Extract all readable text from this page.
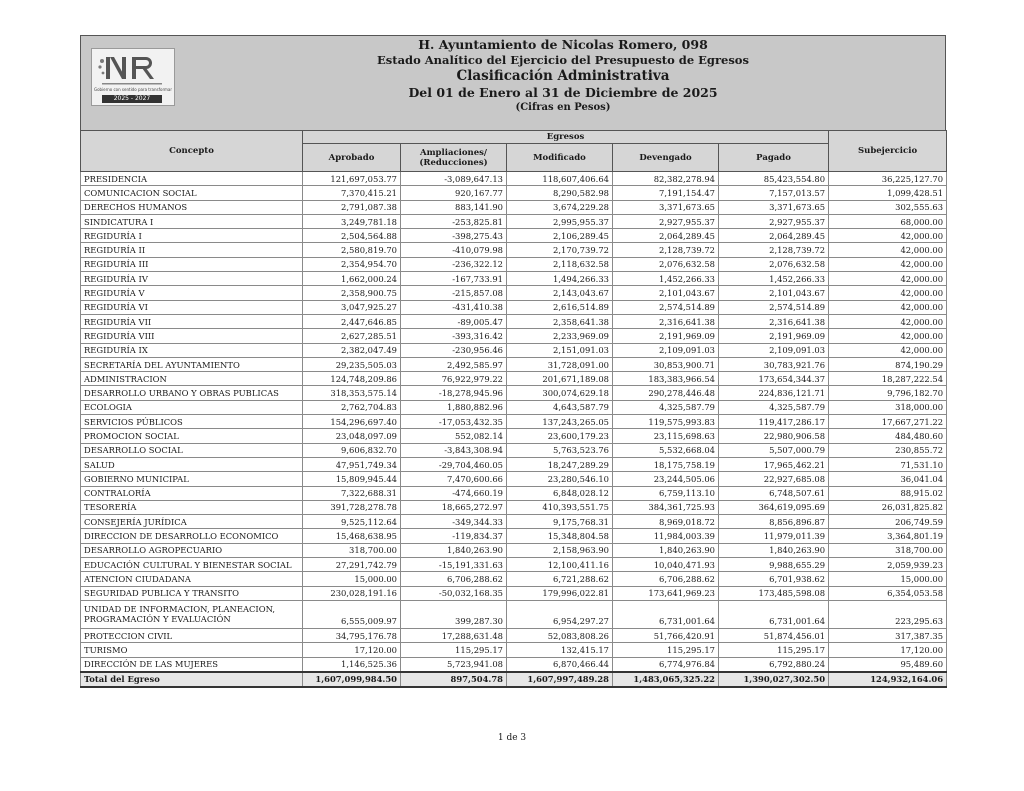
Gobierno con sentido para transformar
2025 - 2027
H. Ayuntamiento de Nicolas Romero, 098
Estado Analítico del Ejercicio del Presupuesto de Egresos
Clasificación Administrativa
Del 01 de Enero al 31 de Diciembre de 2025
(Cifras en Pesos)
Concepto	Egresos					Subejercicio
	Aprobado	Ampliaciones/ (Reducciones)	Modificado	Devengado	Pagado	
PRESIDENCIA	121,697,053.77	-3,089,647.13	118,607,406.64	82,382,278.94	85,423,554.80	36,225,127.70
COMUNICACION SOCIAL	7,370,415.21	920,167.77	8,290,582.98	7,191,154.47	7,157,013.57	1,099,428.51
DERECHOS HUMANOS	2,791,087.38	883,141.90	3,674,229.28	3,371,673.65	3,371,673.65	302,555.63
SINDICATURA I	3,249,781.18	-253,825.81	2,995,955.37	2,927,955.37	2,927,955.37	68,000.00
REGIDURÍA I	2,504,564.88	-398,275.43	2,106,289.45	2,064,289.45	2,064,289.45	42,000.00
REGIDURÍA II	2,580,819.70	-410,079.98	2,170,739.72	2,128,739.72	2,128,739.72	42,000.00
REGIDURÍA III	2,354,954.70	-236,322.12	2,118,632.58	2,076,632.58	2,076,632.58	42,000.00
REGIDURÍA IV	1,662,000.24	-167,733.91	1,494,266.33	1,452,266.33	1,452,266.33	42,000.00
REGIDURÍA V	2,358,900.75	-215,857.08	2,143,043.67	2,101,043.67	2,101,043.67	42,000.00
REGIDURÍA VI	3,047,925.27	-431,410.38	2,616,514.89	2,574,514.89	2,574,514.89	42,000.00
REGIDURÍA VII	2,447,646.85	-89,005.47	2,358,641.38	2,316,641.38	2,316,641.38	42,000.00
REGIDURÍA VIII	2,627,285.51	-393,316.42	2,233,969.09	2,191,969.09	2,191,969.09	42,000.00
REGIDURÍA IX	2,382,047.49	-230,956.46	2,151,091.03	2,109,091.03	2,109,091.03	42,000.00
SECRETARÍA DEL AYUNTAMIENTO	29,235,505.03	2,492,585.97	31,728,091.00	30,853,900.71	30,783,921.76	874,190.29
ADMINISTRACION	124,748,209.86	76,922,979.22	201,671,189.08	183,383,966.54	173,654,344.37	18,287,222.54
DESARROLLO URBANO Y OBRAS PUBLICAS	318,353,575.14	-18,278,945.96	300,074,629.18	290,278,446.48	224,836,121.71	9,796,182.70
ECOLOGIA	2,762,704.83	1,880,882.96	4,643,587.79	4,325,587.79	4,325,587.79	318,000.00
SERVICIOS PÚBLICOS	154,296,697.40	-17,053,432.35	137,243,265.05	119,575,993.83	119,417,286.17	17,667,271.22
PROMOCION SOCIAL	23,048,097.09	552,082.14	23,600,179.23	23,115,698.63	22,980,906.58	484,480.60
DESARROLLO SOCIAL	9,606,832.70	-3,843,308.94	5,763,523.76	5,532,668.04	5,507,000.79	230,855.72
SALUD	47,951,749.34	-29,704,460.05	18,247,289.29	18,175,758.19	17,965,462.21	71,531.10
GOBIERNO MUNICIPAL	15,809,945.44	7,470,600.66	23,280,546.10	23,244,505.06	22,927,685.08	36,041.04
CONTRALORÍA	7,322,688.31	-474,660.19	6,848,028.12	6,759,113.10	6,748,507.61	88,915.02
TESORERÍA	391,728,278.78	18,665,272.97	410,393,551.75	384,361,725.93	364,619,095.69	26,031,825.82
CONSEJERÍA JURÍDICA	9,525,112.64	-349,344.33	9,175,768.31	8,969,018.72	8,856,896.87	206,749.59
DIRECCION DE DESARROLLO ECONOMICO	15,468,638.95	-119,834.37	15,348,804.58	11,984,003.39	11,979,011.39	3,364,801.19
DESARROLLO AGROPECUARIO	318,700.00	1,840,263.90	2,158,963.90	1,840,263.90	1,840,263.90	318,700.00
EDUCACIÓN CULTURAL Y BIENESTAR SOCIAL	27,291,742.79	-15,191,331.63	12,100,411.16	10,040,471.93	9,988,655.29	2,059,939.23
ATENCION CIUDADANA	15,000.00	6,706,288.62	6,721,288.62	6,706,288.62	6,701,938.62	15,000.00
SEGURIDAD PUBLICA Y TRANSITO	230,028,191.16	-50,032,168.35	179,996,022.81	173,641,969.23	173,485,598.08	6,354,053.58
UNIDAD DE INFORMACION, PLANEACION, PROGRAMACIÓN Y EVALUACIÓN	6,555,009.97	399,287.30	6,954,297.27	6,731,001.64	6,731,001.64	223,295.63
PROTECCION CIVIL	34,795,176.78	17,288,631.48	52,083,808.26	51,766,420.91	51,874,456.01	317,387.35
TURISMO	17,120.00	115,295.17	132,415.17	115,295.17	115,295.17	17,120.00
DIRECCIÓN DE LAS MUJERES	1,146,525.36	5,723,941.08	6,870,466.44	6,774,976.84	6,792,880.24	95,489.60
Total del Egreso	1,607,099,984.50	897,504.78	1,607,997,489.28	1,483,065,325.22	1,390,027,302.50	124,932,164.06
1 de 3
